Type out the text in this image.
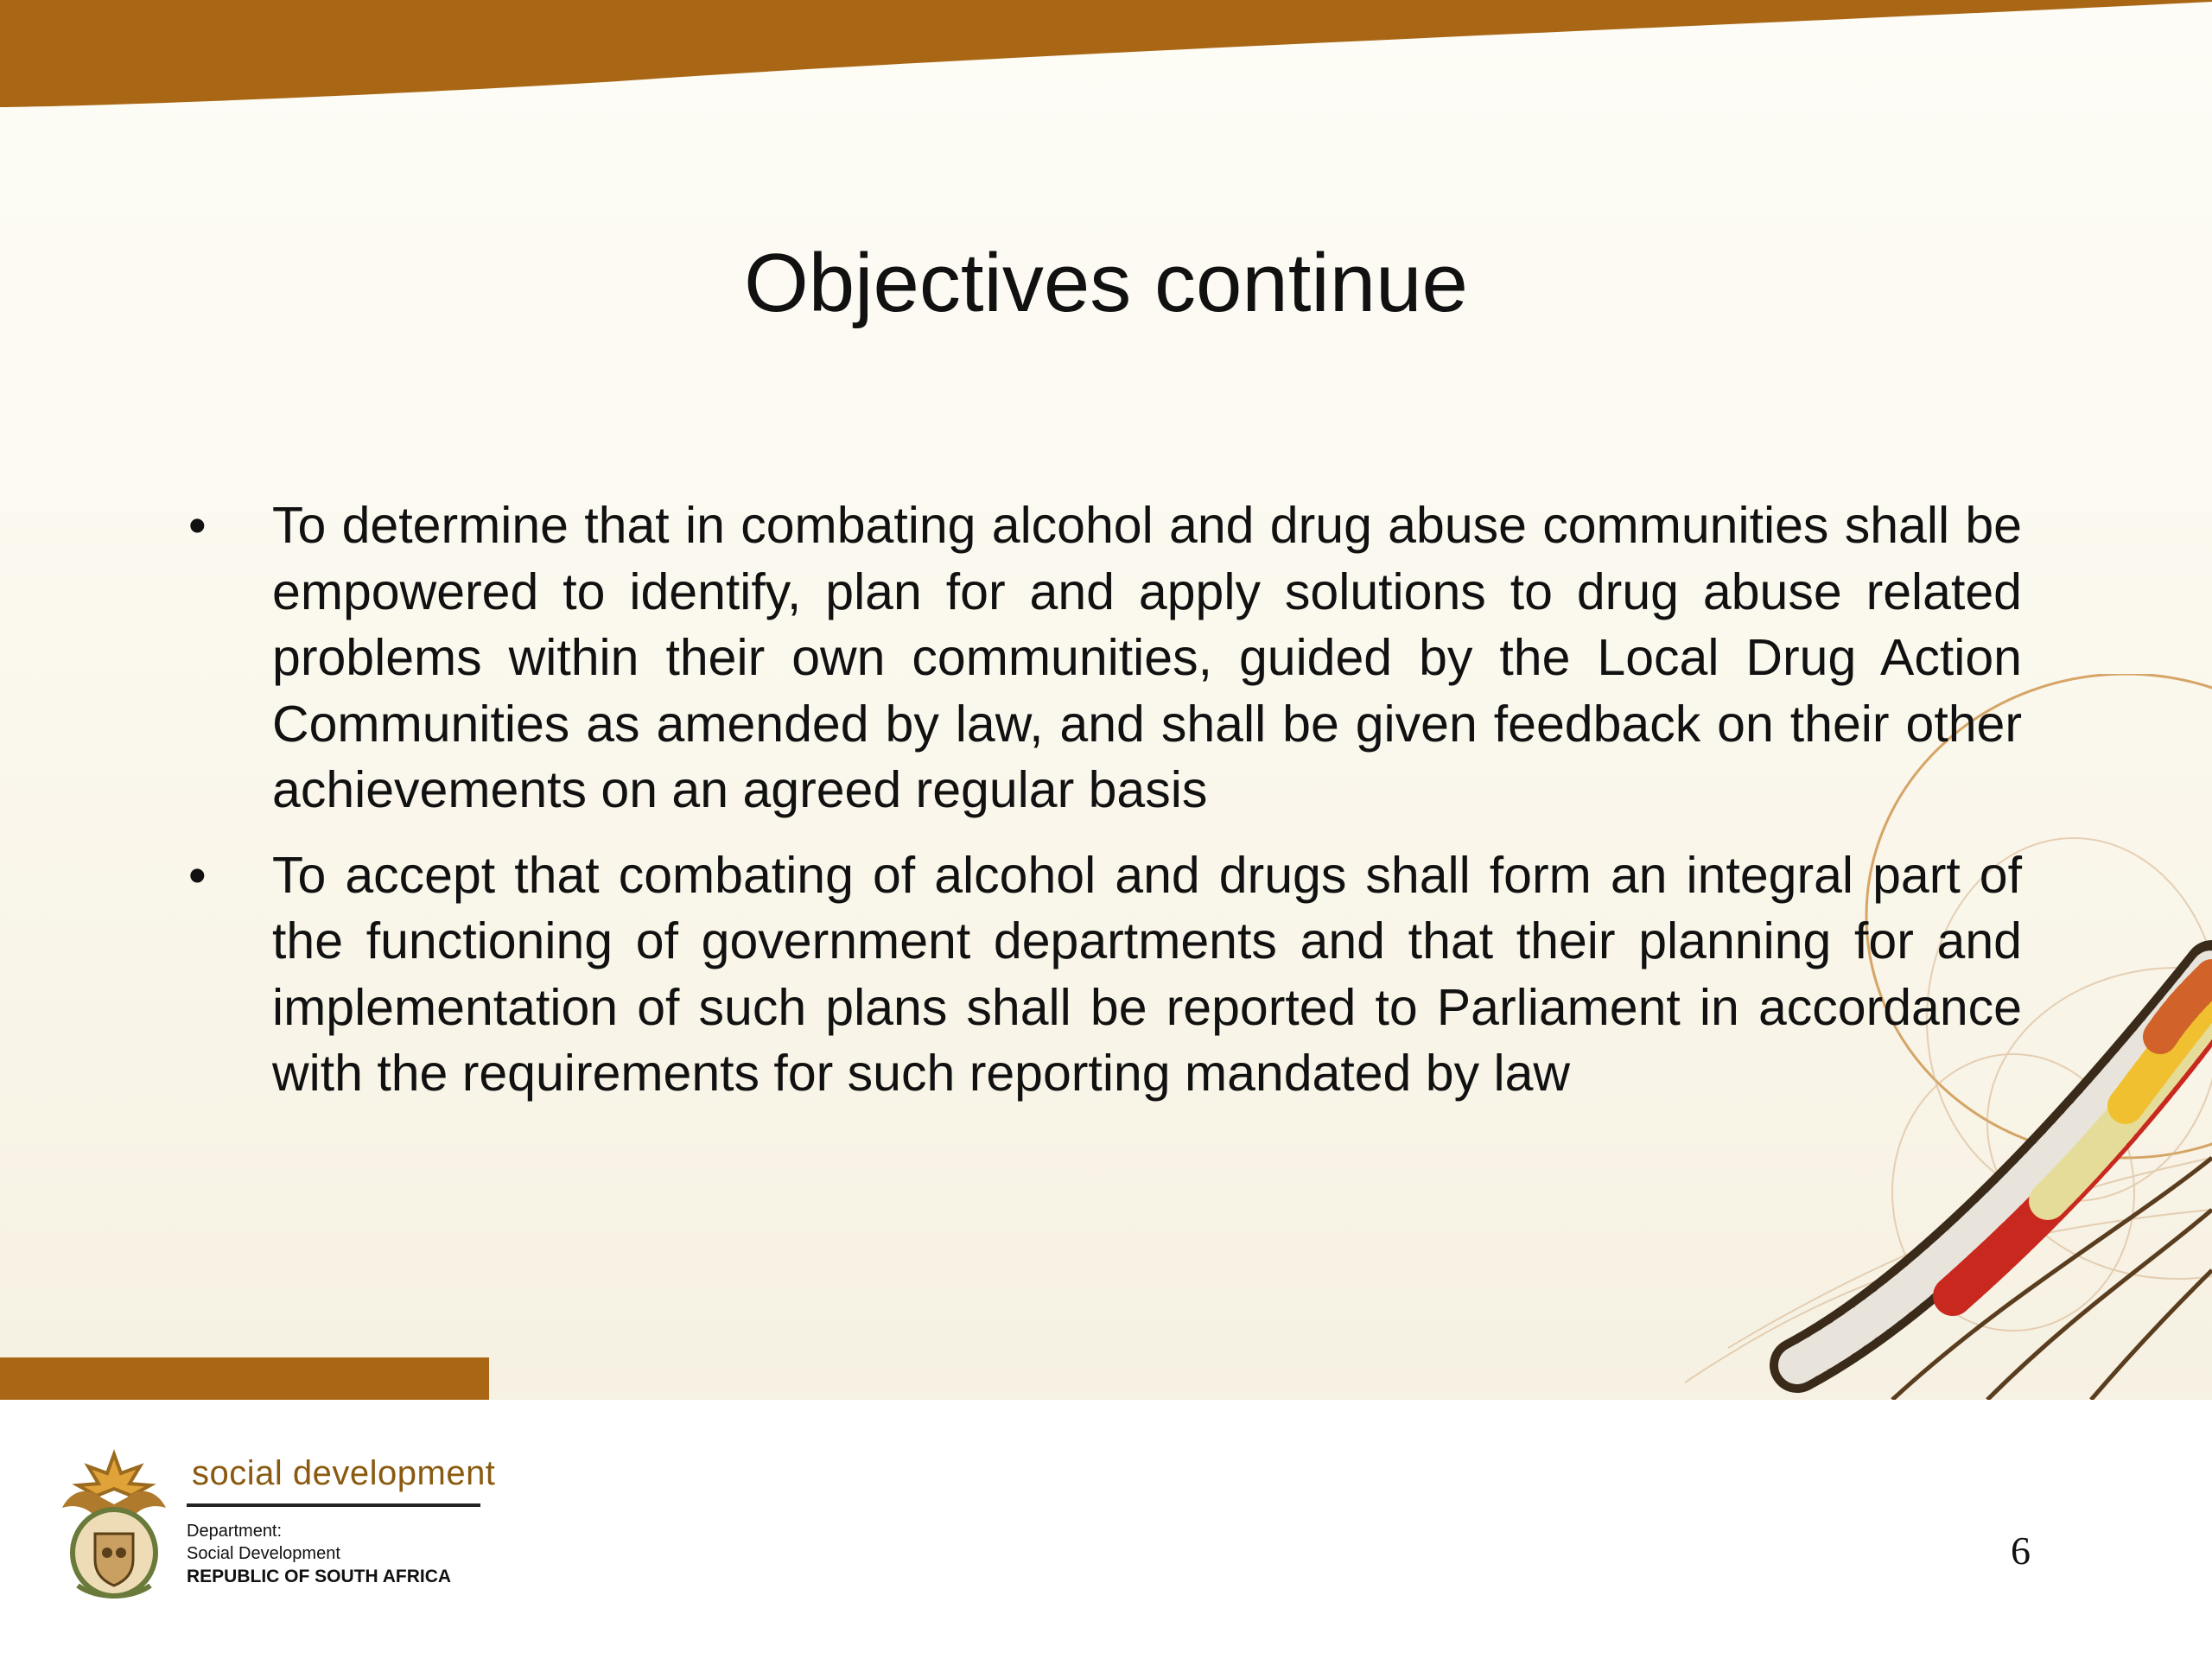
Objectives continue
• To determine that in combating alcohol and drug abuse communities shall be empowered to identify, plan for and apply solutions to drug abuse related problems within their own communities, guided by the Local Drug Action Communities as amended by law, and shall be given feedback on their other achievements on an agreed regular basis
• To accept that combating of alcohol and drugs shall form an integral part of the functioning of government departments and that their planning for and implementation of such plans shall be reported to Parliament in accordance with the requirements for such reporting mandated by law
social development
Department:
Social Development
REPUBLIC OF SOUTH AFRICA
6
